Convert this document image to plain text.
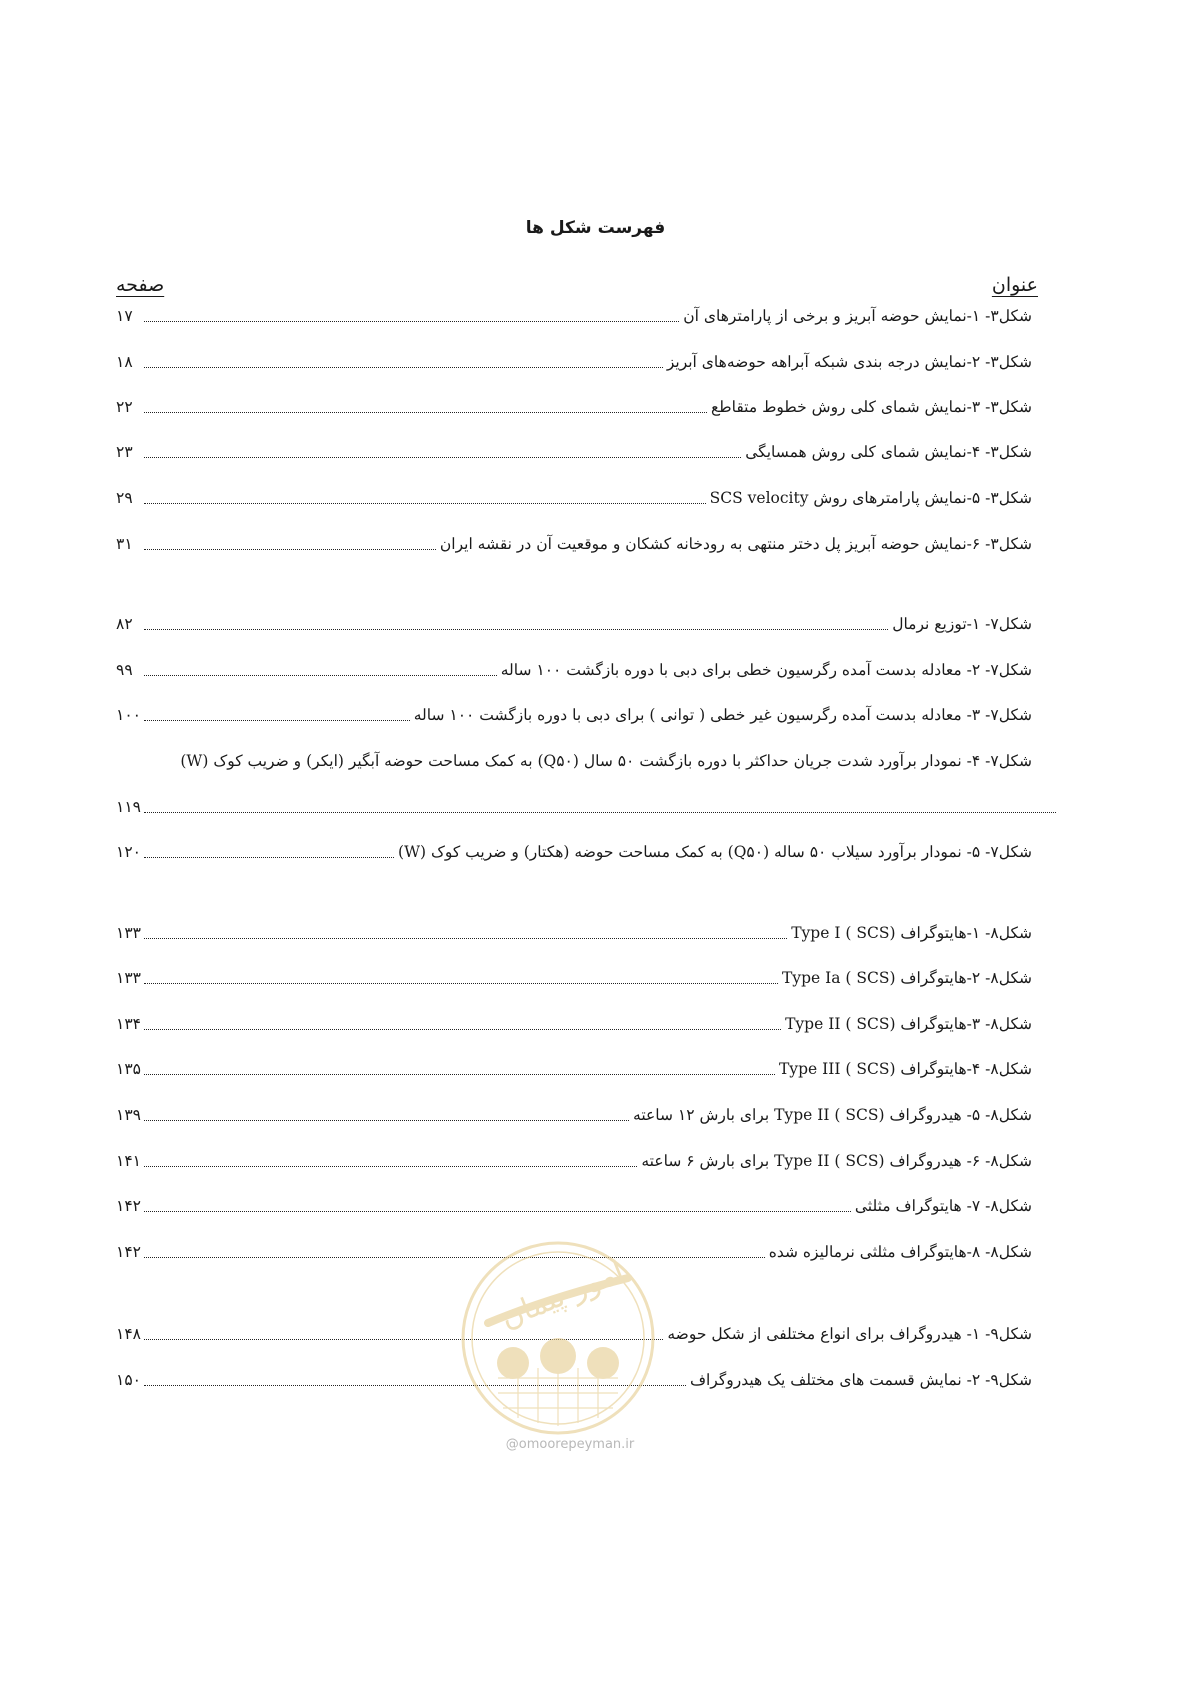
فهرست شکل ها
عنوان
صفحه
شکل۳- ۱-نمایش حوضه آبریز و برخی از پارامترهای آن
۱۷
شکل۳- ۲-نمایش درجه بندی شبکه آبراهه حوضه‌های آبریز
۱۸
شکل۳- ۳-نمایش شمای کلی روش خطوط متقاطع
۲۲
شکل۳- ۴-نمایش شمای کلی روش همسایگی
۲۳
شکل۳- ۵-نمایش پارامترهای روش SCS velocity
۲۹
شکل۳- ۶-نمایش حوضه آبریز پل دختر منتهی به رودخانه کشکان و موقعیت آن در نقشه ایران
۳۱
شکل۷- ۱-توزیع نرمال
۸۲
شکل۷- ۲- معادله بدست آمده رگرسیون خطی برای دبی با دوره بازگشت ۱۰۰ ساله
۹۹
شکل۷- ۳- معادله بدست آمده رگرسیون غیر خطی ( توانی ) برای دبی با دوره بازگشت ۱۰۰ ساله
۱۰۰
شکل۷- ۴- نمودار برآورد شدت جریان حداکثر با دوره بازگشت ۵۰ سال (Q۵۰) به کمک مساحت حوضه آبگیر (ایکر) و ضریب کوک (W)
۱۱۹
شکل۷- ۵- نمودار برآورد سیلاب ۵۰ ساله (Q۵۰) به کمک مساحت حوضه (هکتار) و ضریب کوک (W)
۱۲۰
شکل۸- ۱-هایتوگراف Type I ( SCS)
۱۳۳
شکل۸- ۲-هایتوگراف Type Ia ( SCS)
۱۳۳
شکل۸- ۳-هایتوگراف Type II ( SCS)
۱۳۴
شکل۸- ۴-هایتوگراف Type III ( SCS)
۱۳۵
شکل۸- ۵- هیدروگراف Type II ( SCS) برای بارش ۱۲ ساعته
۱۳۹
شکل۸- ۶- هیدروگراف Type II ( SCS) برای بارش ۶ ساعته
۱۴۱
شکل۸- ۷- هایتوگراف مثلثی
۱۴۲
شکل۸- ۸-هایتوگراف مثلثی نرمالیزه شده
۱۴۲
شکل۹- ۱- هیدروگراف برای انواع مختلفی از شکل حوضه
۱۴۸
شکل۹- ۲- نمایش قسمت های مختلف یک هیدروگراف
۱۵۰
امور پیمان
@omoorepeyman.ir
